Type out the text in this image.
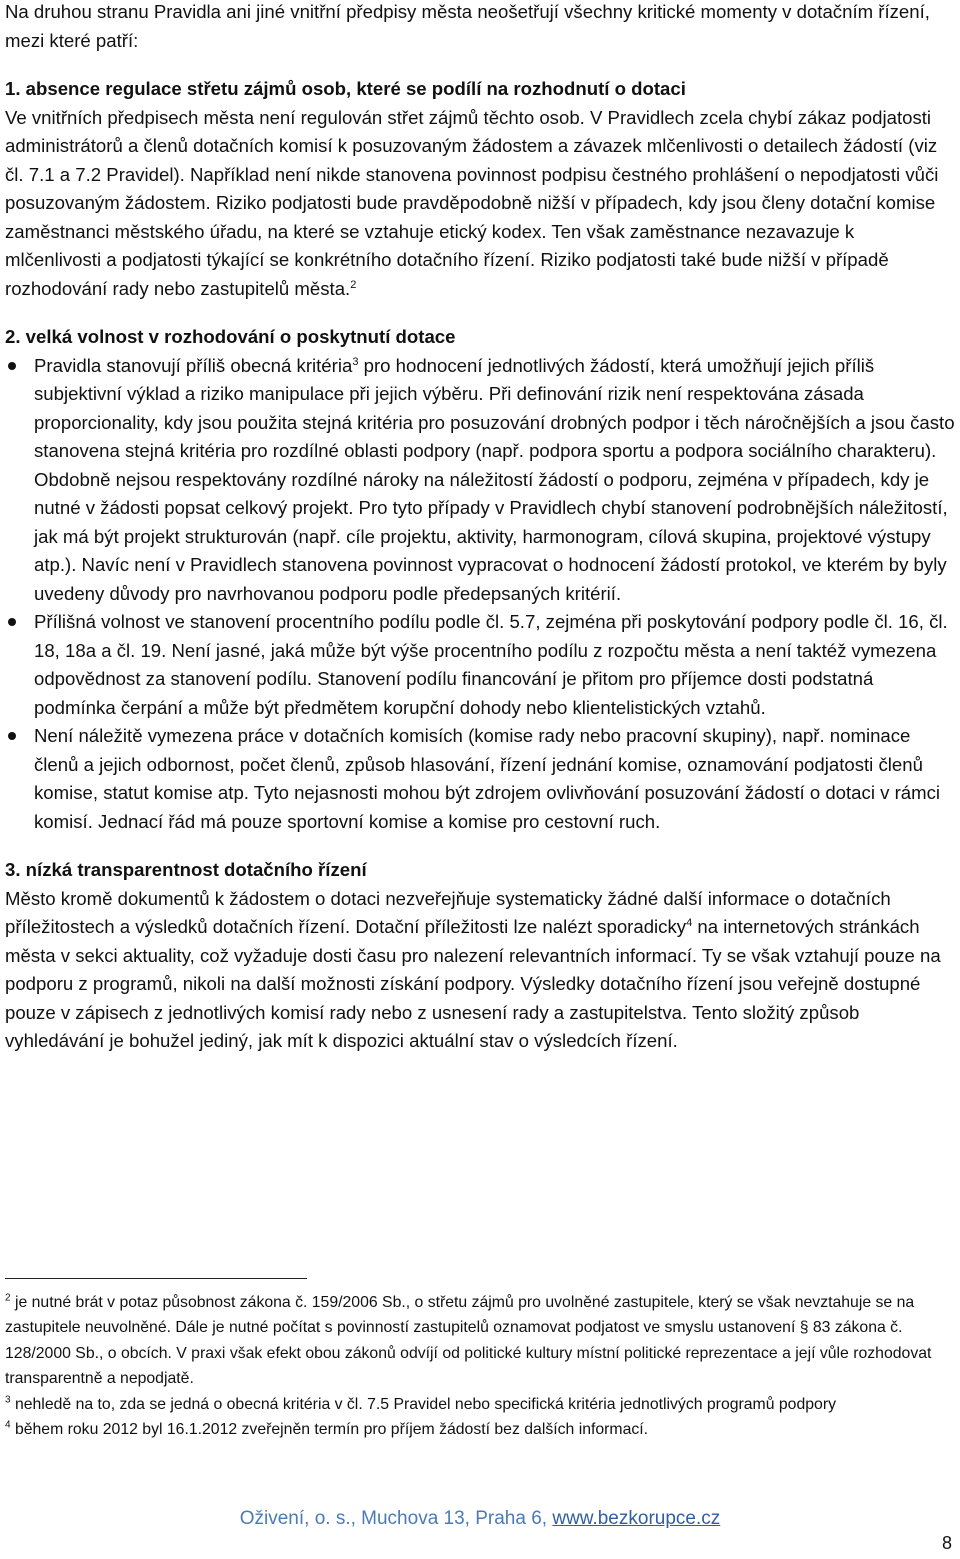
Na druhou stranu Pravidla ani jiné vnitřní předpisy města neošetřují všechny kritické momenty v dotačním řízení, mezi které patří:

1. absence regulace střetu zájmů osob, které se podílí na rozhodnutí o dotaci

Ve vnitřních předpisech města není regulován střet zájmů těchto osob. V Pravidlech zcela chybí zákaz podjatosti administrátorů a členů dotačních komisí k posuzovaným žádostem a závazek mlčenlivosti o detailech žádostí (viz čl. 7.1 a 7.2 Pravidel). Například není nikde stanovena povinnost podpisu čestného prohlášení o nepodjatosti vůči posuzovaným žádostem. Riziko podjatosti bude pravděpodobně nižší v případech, kdy jsou členy dotační komise zaměstnanci městského úřadu, na které se vztahuje etický kodex. Ten však zaměstnance nezavazuje k mlčenlivosti a podjatosti týkající se konkrétního dotačního řízení. Riziko podjatosti také bude nižší v případě rozhodování rady nebo zastupitelů města.$^2$

2. velká volnost v rozhodování o poskytnutí dotace

Pravidla stanovují příliš obecná kritéria$^3$ pro hodnocení jednotlivých žádostí, která umožňují jejich příliš subjektivní výklad a riziko manipulace při jejich výběru. Při definování rizik není respektována zásada proporcionality, kdy jsou použita stejná kritéria pro posuzování drobných podpor i těch náročnějších a jsou často stanovena stejná kritéria pro rozdílné oblasti podpory (např. podpora sportu a podpora sociálního charakteru). Obdobně nejsou respektovány rozdílné nároky na náležitostí žádostí o podporu, zejména v případech, kdy je nutné v žádosti popsat celkový projekt. Pro tyto případy v Pravidlech chybí stanovení podrobnějších náležitostí, jak má být projekt strukturován (např. cíle projektu, aktivity, harmonogram, cílová skupina, projektové výstupy atp.). Navíc není v Pravidlech stanovena povinnost vypracovat o hodnocení žádostí protokol, ve kterém by byly uvedeny důvody pro navrhovanou podporu podle předepsaných kritérií.
Přílišná volnost ve stanovení procentního podílu podle čl. 5.7, zejména při poskytování podpory podle čl. 16, čl. 18, 18a a čl. 19. Není jasné, jaká může být výše procentního podílu z rozpočtu města a není taktéž vymezena odpovědnost za stanovení podílu. Stanovení podílu financování je přitom pro příjemce dosti podstatná podmínka čerpání a může být předmětem korupční dohody nebo klientelistických vztahů.
Není náležitě vymezena práce v dotačních komisích (komise rady nebo pracovní skupiny), např. nominace členů a jejich odbornost, počet členů, způsob hlasování, řízení jednání komise, oznamování podjatosti členů komise, statut komise atp. Tyto nejasnosti mohou být zdrojem ovlivňování posuzování žádostí o dotaci v rámci komisí. Jednací řád má pouze sportovní komise a komise pro cestovní ruch.

3. nízká transparentnost dotačního řízení

Město kromě dokumentů k žádostem o dotaci nezveřejňuje systematicky žádné další informace o dotačních příležitostech a výsledků dotačních řízení. Dotační příležitosti lze nalézt sporadicky$^4$ na internetových stránkách města v sekci aktuality, což vyžaduje dosti času pro nalezení relevantních informací. Ty se však vztahují pouze na podporu z programů, nikoli na další možnosti získání podpory. Výsledky dotačního řízení jsou veřejně dostupné pouze v zápisech z jednotlivých komisí rady nebo z usnesení rady a zastupitelstva. Tento složitý způsob vyhledávání je bohužel jediný, jak mít k dispozici aktuální stav o výsledcích řízení.

$^2$ je nutné brát v potaz působnost zákona č. 159/2006 Sb., o střetu zájmů pro uvolněné zastupitele, který se však nevztahuje se na zastupitele neuvolněné. Dále je nutné počítat s povinností zastupitelů oznamovat podjatost ve smyslu ustanovení § 83 zákona č. 128/2000 Sb., o obcích. V praxi však efekt obou zákonů odvíjí od politické kultury místní politické reprezentace a její vůle rozhodovat transparentně a nepodjatě.

$^3$ nehledě na to, zda se jedná o obecná kritéria v čl. 7.5 Pravidel nebo specifická kritéria jednotlivých programů podpory

$^4$ během roku 2012 byl 16.1.2012 zveřejněn termín pro příjem žádostí bez dalších informací.

Oživení, o. s., Muchova 13, Praha 6, www.bezkorupce.cz
8
